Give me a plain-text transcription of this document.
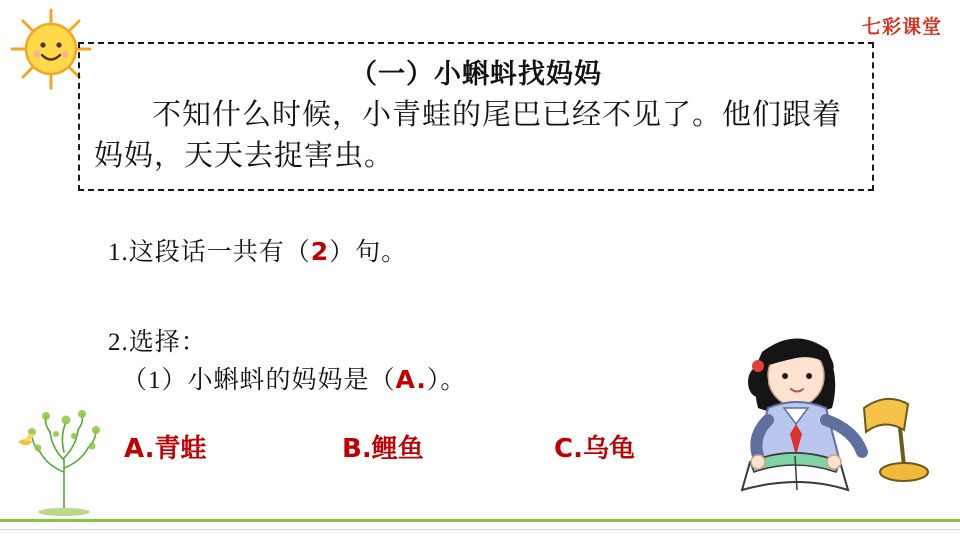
七彩课堂
（一）小蝌蚪找妈妈
不知什么时候，小青蛙的尾巴已经不见了。他们跟着妈妈，天天去捉害虫。
1.这段话一共有（2）句。
2.选择：
（1）小蝌蚪的妈妈是（A.）。
A.青蛙	B.鲤鱼	C.乌龟
